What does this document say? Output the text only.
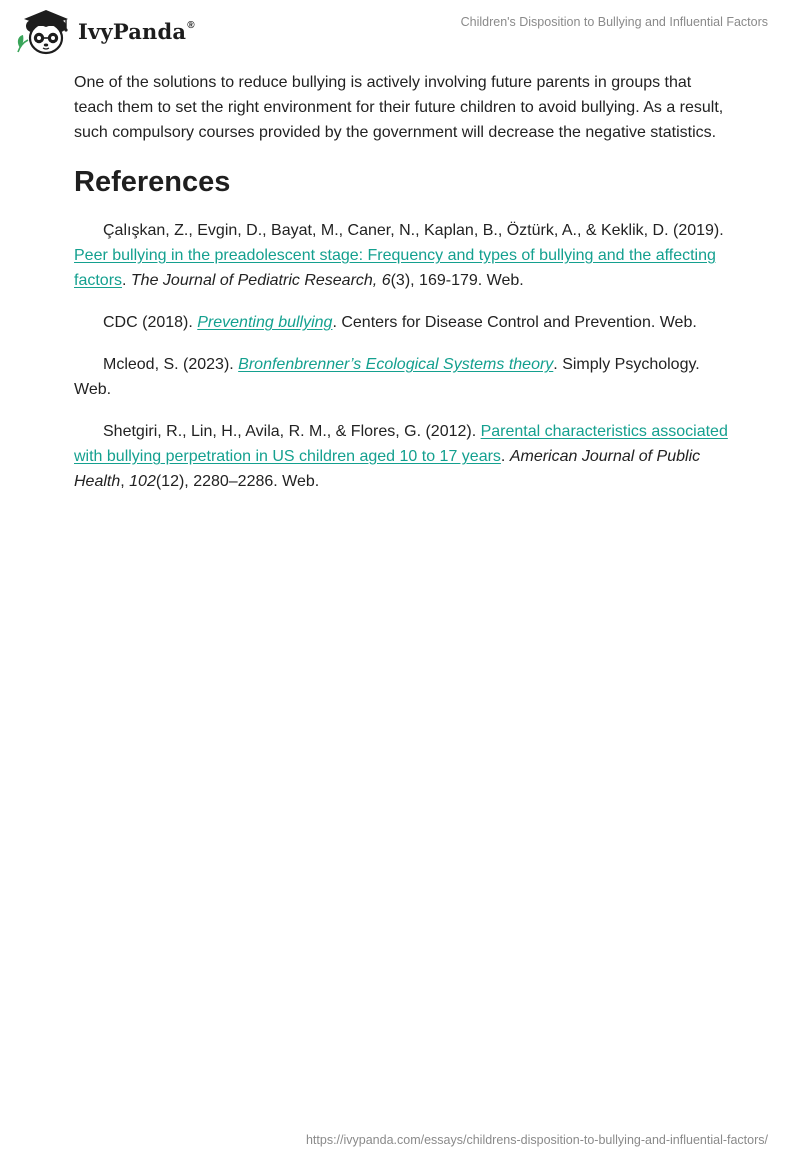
IvyPanda®	Children's Disposition to Bullying and Influential Factors

One of the solutions to reduce bullying is actively involving future parents in groups that teach them to set the right environment for their future children to avoid bullying. As a result, such compulsory courses provided by the government will decrease the negative statistics.

References

Çalışkan, Z., Evgin, D., Bayat, M., Caner, N., Kaplan, B., Öztürk, A., & Keklik, D. (2019). Peer bullying in the preadolescent stage: Frequency and types of bullying and the affecting factors. The Journal of Pediatric Research, 6(3), 169-179. Web.

CDC (2018). Preventing bullying. Centers for Disease Control and Prevention. Web.

Mcleod, S. (2023). Bronfenbrenner’s Ecological Systems theory. Simply Psychology. Web.

Shetgiri, R., Lin, H., Avila, R. M., & Flores, G. (2012). Parental characteristics associated with bullying perpetration in US children aged 10 to 17 years. American Journal of Public Health, 102(12), 2280–2286. Web.

https://ivypanda.com/essays/childrens-disposition-to-bullying-and-influential-factors/
